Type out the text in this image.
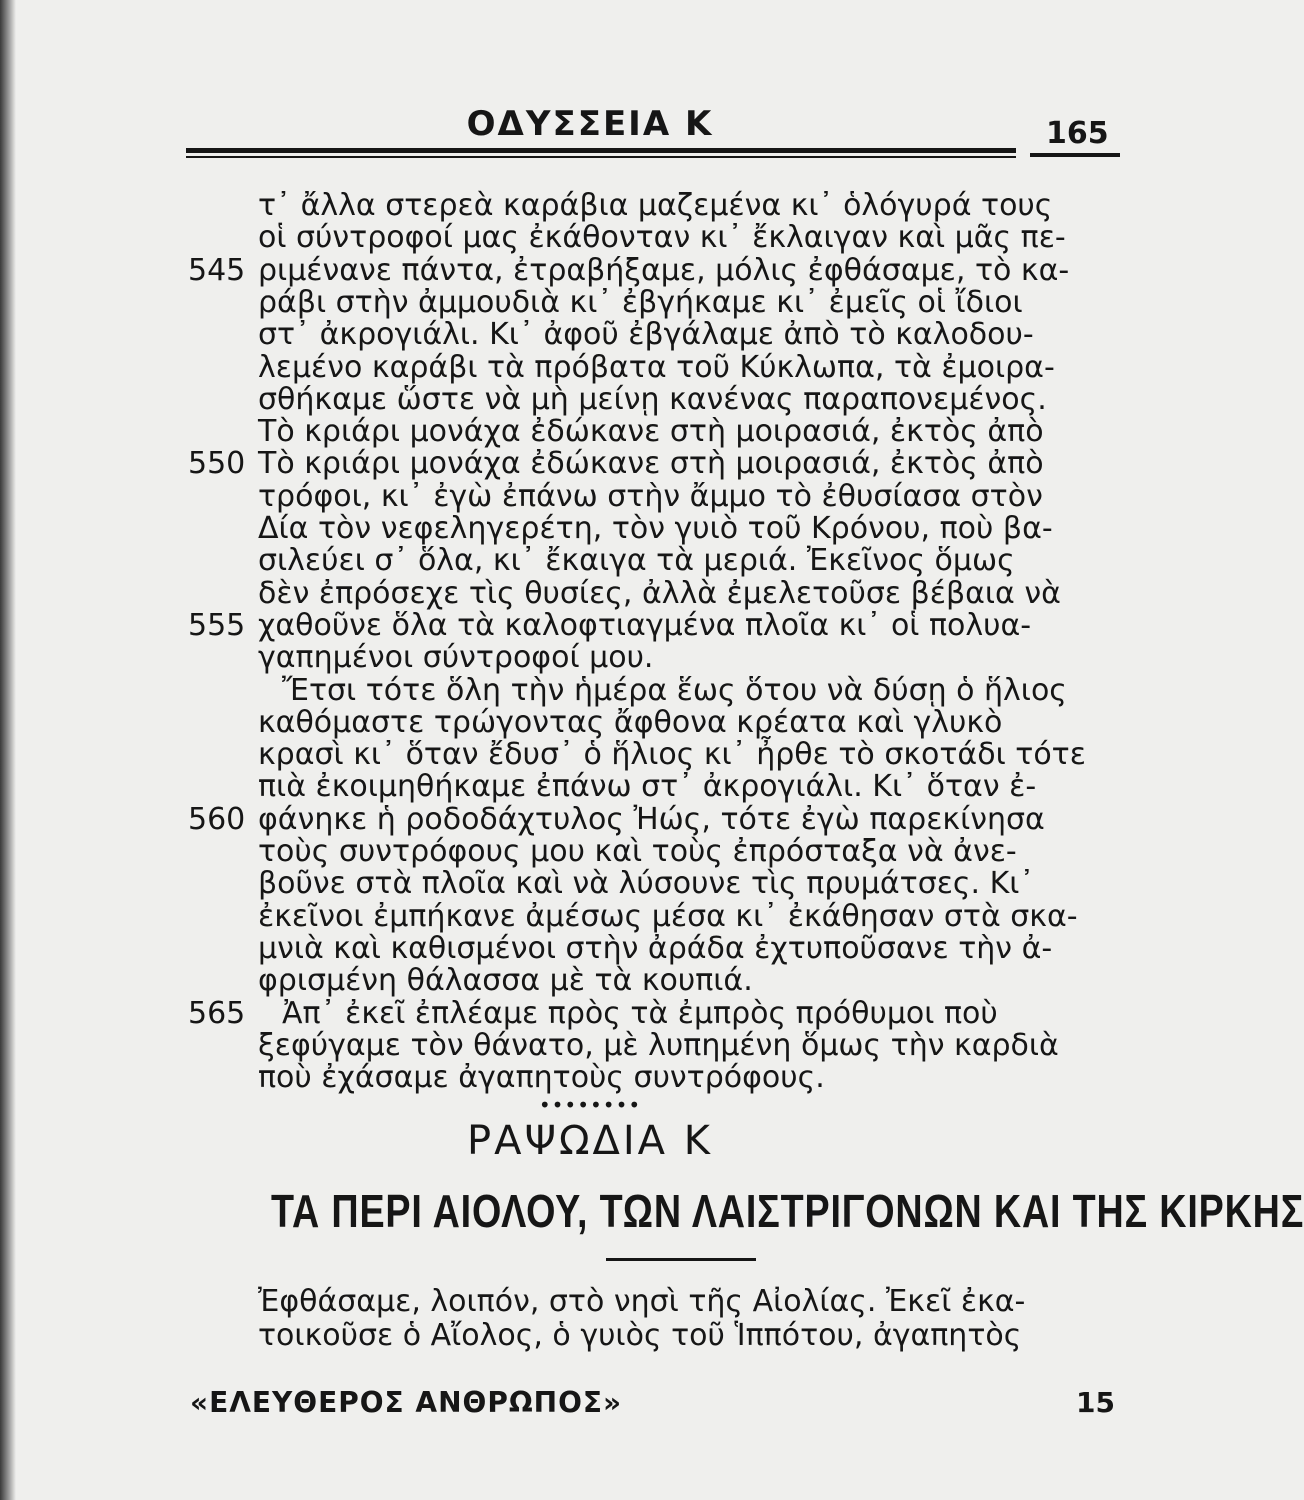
ΟΔΥΣΣΕΙΑ Κ	165
τ᾿ ἄλλα στερεὰ καράβια μαζεμένα κι᾿ ὁλόγυρά τους
οἱ σύντροφοί μας ἐκάθονταν κι᾿ ἔκλαιγαν καὶ μᾶς πε-
ριμένανε πάντα, ἐτραβήξαμε, μόλις ἐφθάσαμε, τὸ κα-
ράβι στὴν ἀμμουδιὰ κι᾿ ἐβγήκαμε κι᾿ ἐμεῖς οἱ ἴδιοι
στ᾿ ἀκρογιάλι. Κι᾿ ἀφοῦ ἐβγάλαμε ἀπὸ τὸ καλοδου-
λεμένο καράβι τὰ πρόβατα τοῦ Κύκλωπα, τὰ ἐμοιρα-
σθήκαμε ὥστε νὰ μὴ μείνῃ κανένας παραπονεμένος.
Τὸ κριάρι μονάχα ἐδώκανε στὴ μοιρασιά, ἐκτὸς ἀπὸ
Τὸ κριάρι μονάχα ἐδώκανε στὴ μοιρασιά, ἐκτὸς ἀπὸ
τρόφοι, κι᾿ ἐγὼ ἐπάνω στὴν ἄμμο τὸ ἐθυσίασα στὸν
Δία τὸν νεφεληγερέτη, τὸν γυιὸ τοῦ Κρόνου, ποὺ βα-
σιλεύει σ᾿ ὅλα, κι᾿ ἔκαιγα τὰ μεριά. Ἐκεῖνος ὅμως
δὲν ἐπρόσεχε τὶς θυσίες, ἀλλὰ ἐμελετοῦσε βέβαια νὰ
χαθοῦνε ὅλα τὰ καλοφτιαγμένα πλοῖα κι᾿ οἱ πολυα-
γαπημένοι σύντροφοί μου.
Ἔτσι τότε ὅλη τὴν ἡμέρα ἕως ὅτου νὰ δύσῃ ὁ ἥλιος
καθόμαστε τρώγοντας ἄφθονα κρέατα καὶ γλυκὸ
κρασὶ κι᾿ ὅταν ἔδυσ᾿ ὁ ἥλιος κι᾿ ἦρθε τὸ σκοτάδι τότε
πιὰ ἐκοιμηθήκαμε ἐπάνω στ᾿ ἀκρογιάλι. Κι᾿ ὅταν ἐ-
φάνηκε ἡ ροδοδάχτυλος Ἠώς, τότε ἐγὼ παρεκίνησα
τοὺς συντρόφους μου καὶ τοὺς ἐπρόσταξα νὰ ἀνε-
βοῦνε στὰ πλοῖα καὶ νὰ λύσουνε τὶς πρυμάτσες. Κι᾿
ἐκεῖνοι ἐμπήκανε ἀμέσως μέσα κι᾿ ἐκάθησαν στὰ σκα-
μνιὰ καὶ καθισμένοι στὴν ἀράδα ἐχτυποῦσανε τὴν ἀ-
φρισμένη θάλασσα μὲ τὰ κουπιά.
Ἀπ᾿ ἐκεῖ ἐπλέαμε πρὸς τὰ ἐμπρὸς πρόθυμοι ποὺ
ξεφύγαμε τὸν θάνατο, μὲ λυπημένη ὅμως τὴν καρδιὰ
ποὺ ἐχάσαμε ἀγαπητοὺς συντρόφους.
545
550
555
560
565
••••••••
ΡΑΨΩΔΙΑ Κ
ΤΑ ΠΕΡΙ ΑΙΟΛΟΥ, ΤΩΝ ΛΑΙΣΤΡΙΓΟΝΩΝ ΚΑΙ ΤΗΣ ΚΙΡΚΗΣ
Ἐφθάσαμε, λοιπόν, στὸ νησὶ τῆς Αἰολίας. Ἐκεῖ ἐκα-
τοικοῦσε ὁ Αἴολος, ὁ γυιὸς τοῦ Ἱππότου, ἀγαπητὸς
«ΕΛΕΥΘΕΡΟΣ ΑΝΘΡΩΠΟΣ»	15
